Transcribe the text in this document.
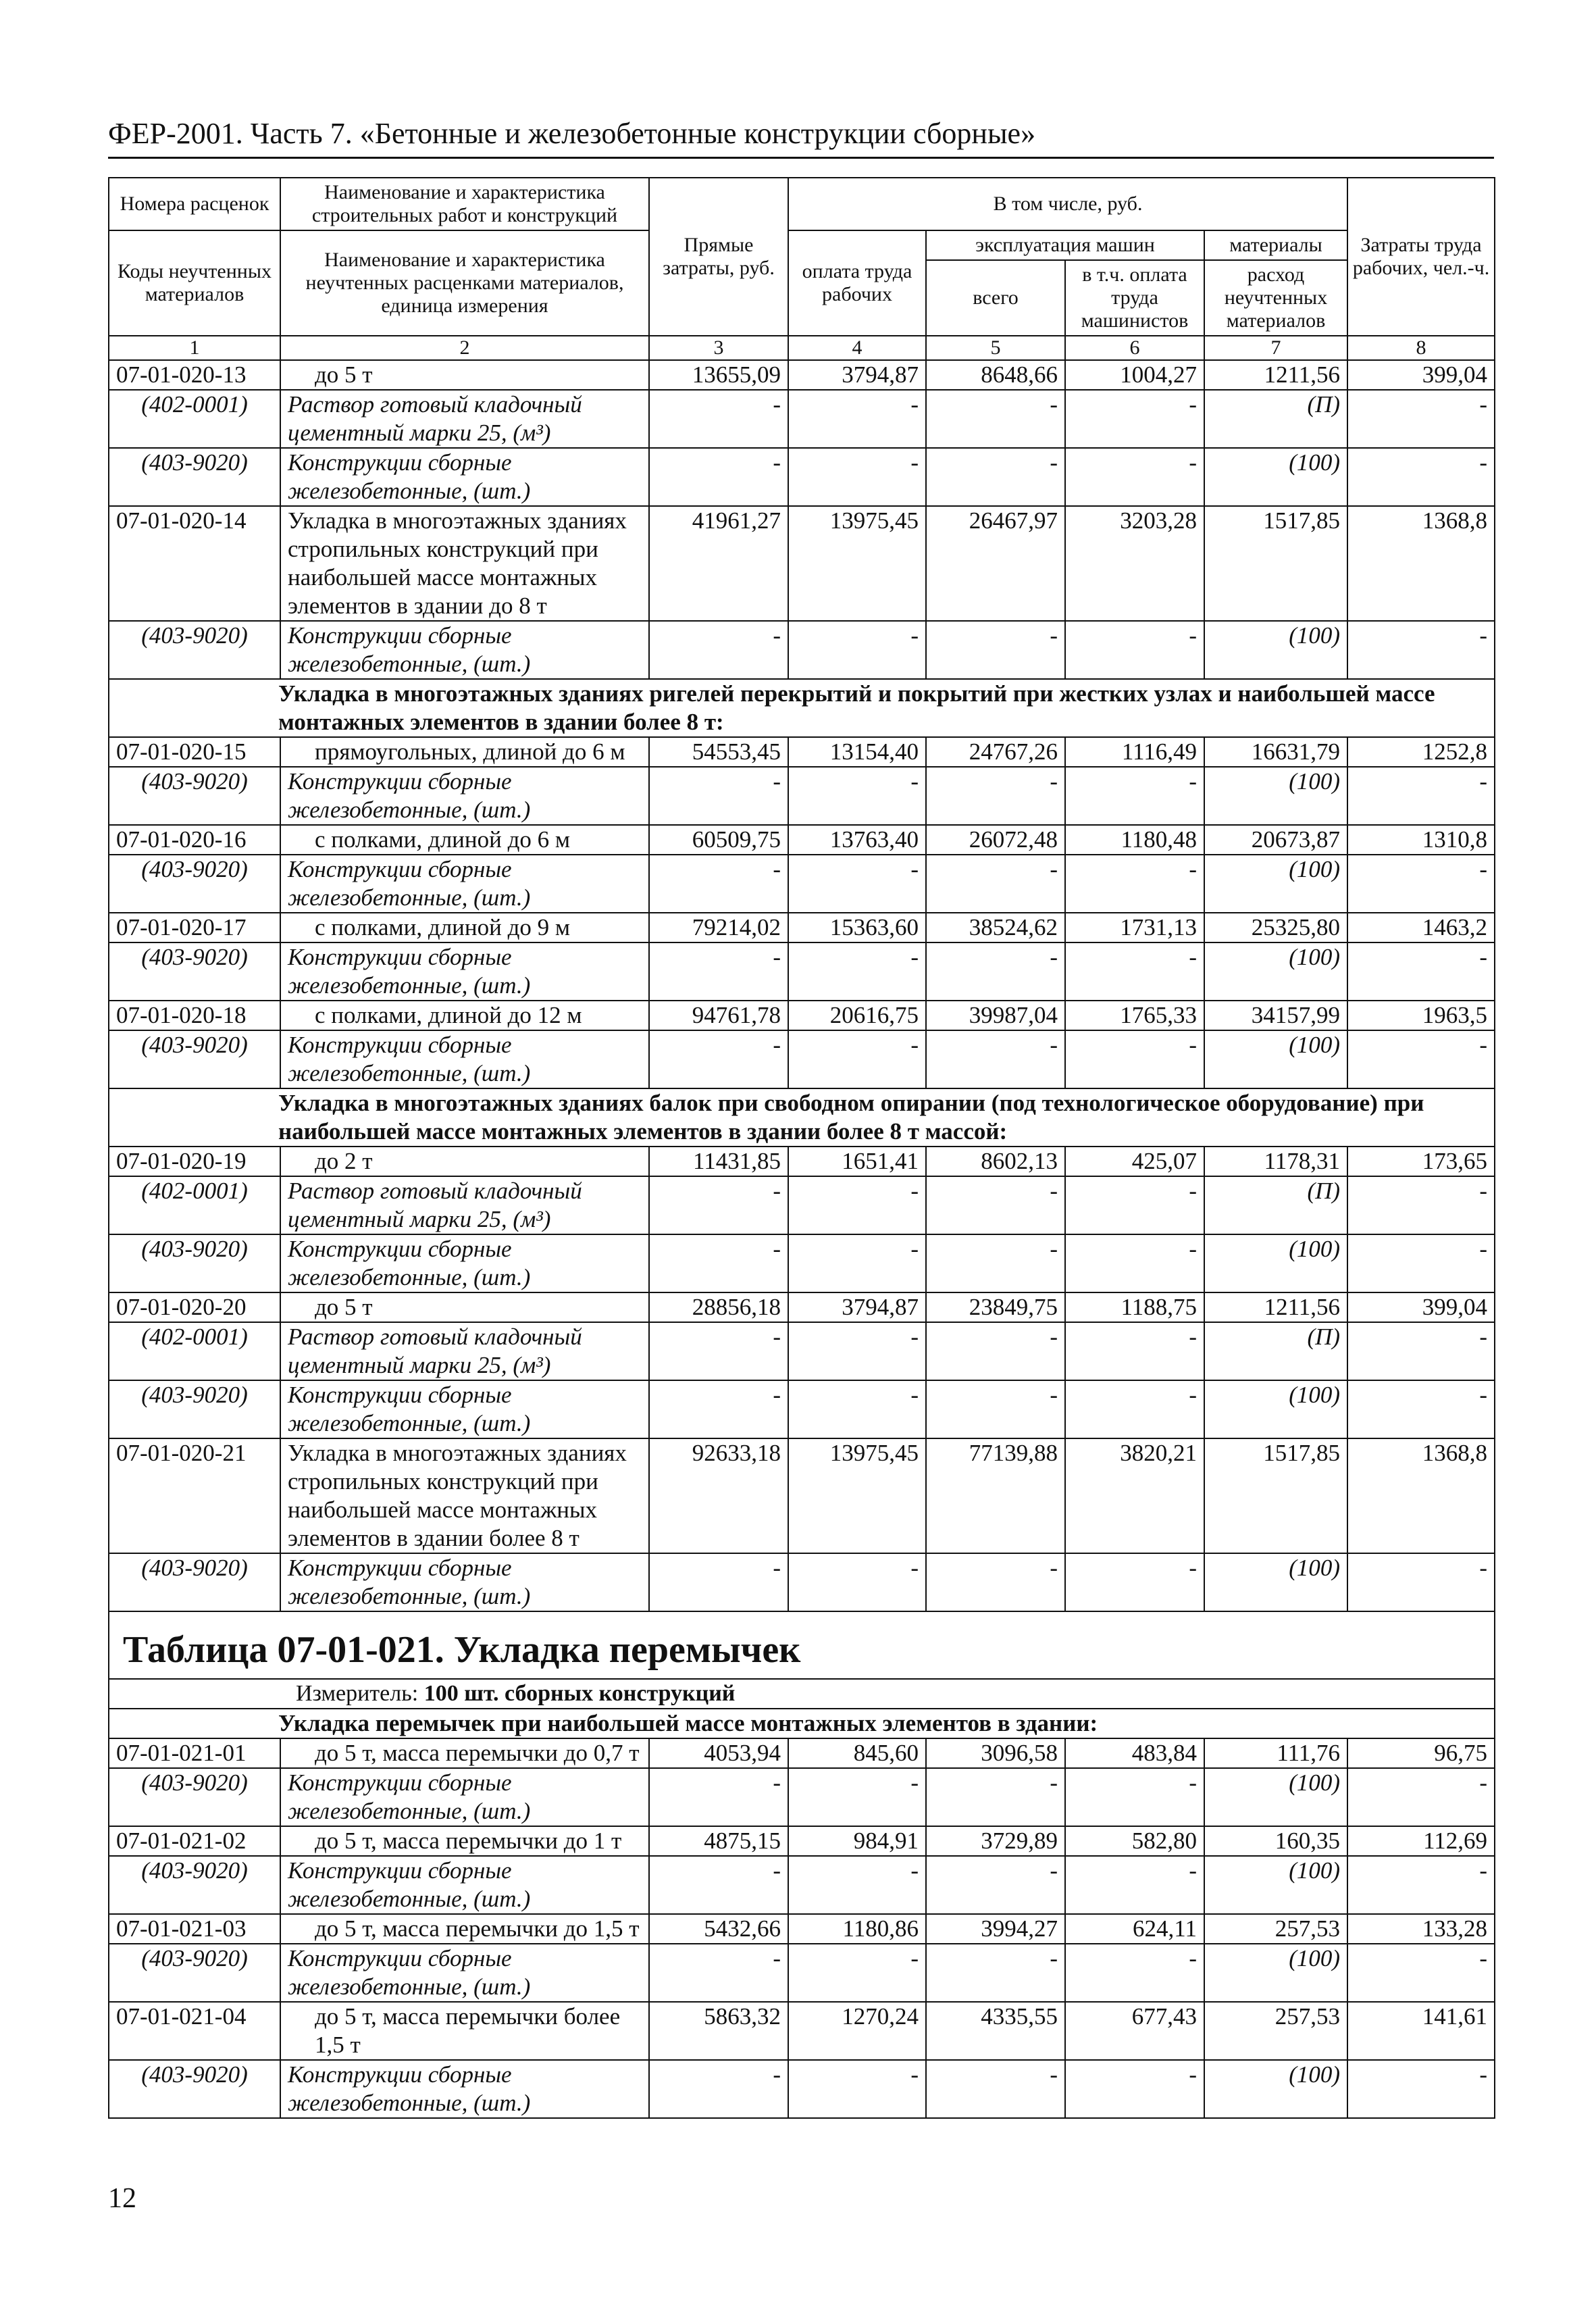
ФЕР-2001. Часть 7. «Бетонные и железобетонные конструкции сборные»
Номера расценок	Наименование и характеристика строительных работ и конструкций	Прямые затраты, руб.	В том числе, руб.				Затраты труда рабочих, чел.-ч.
Коды неучтенных материалов	Наименование и характеристика неучтенных расценками материалов, единица измерения		оплата труда рабочих	эксплуатация машин		материалы	
				всего	в т.ч. оплата труда машинистов	расход неучтенных материалов	
1	2	3	4	5	6	7	8
07-01-020-13	до 5 т	13655,09	3794,87	8648,66	1004,27	1211,56	399,04
(402-0001)	Раствор готовый кладочный цементный марки 25, (м³)	-	-	-	-	(П)	-
(403-9020)	Конструкции сборные железобетонные, (шт.)	-	-	-	-	(100)	-
07-01-020-14	Укладка в многоэтажных зданиях стропильных конструкций при наибольшей массе монтажных элементов в здании до 8 т	41961,27	13975,45	26467,97	3203,28	1517,85	1368,8
(403-9020)	Конструкции сборные железобетонные, (шт.)	-	-	-	-	(100)	-
Укладка в многоэтажных зданиях ригелей перекрытий и покрытий при жестких узлах и наибольшей массе монтажных элементов в здании более 8 т:							
07-01-020-15	прямоугольных, длиной до 6 м	54553,45	13154,40	24767,26	1116,49	16631,79	1252,8
(403-9020)	Конструкции сборные железобетонные, (шт.)	-	-	-	-	(100)	-
07-01-020-16	с полками, длиной до 6 м	60509,75	13763,40	26072,48	1180,48	20673,87	1310,8
(403-9020)	Конструкции сборные железобетонные, (шт.)	-	-	-	-	(100)	-
07-01-020-17	с полками, длиной до 9 м	79214,02	15363,60	38524,62	1731,13	25325,80	1463,2
(403-9020)	Конструкции сборные железобетонные, (шт.)	-	-	-	-	(100)	-
07-01-020-18	с полками, длиной до 12 м	94761,78	20616,75	39987,04	1765,33	34157,99	1963,5
(403-9020)	Конструкции сборные железобетонные, (шт.)	-	-	-	-	(100)	-
Укладка в многоэтажных зданиях балок при свободном опирании (под технологическое оборудование) при наибольшей массе монтажных элементов в здании более 8 т массой:							
07-01-020-19	до 2 т	11431,85	1651,41	8602,13	425,07	1178,31	173,65
(402-0001)	Раствор готовый кладочный цементный марки 25, (м³)	-	-	-	-	(П)	-
(403-9020)	Конструкции сборные железобетонные, (шт.)	-	-	-	-	(100)	-
07-01-020-20	до 5 т	28856,18	3794,87	23849,75	1188,75	1211,56	399,04
(402-0001)	Раствор готовый кладочный цементный марки 25, (м³)	-	-	-	-	(П)	-
(403-9020)	Конструкции сборные железобетонные, (шт.)	-	-	-	-	(100)	-
07-01-020-21	Укладка в многоэтажных зданиях стропильных конструкций при наибольшей массе монтажных элементов в здании более 8 т	92633,18	13975,45	77139,88	3820,21	1517,85	1368,8
(403-9020)	Конструкции сборные железобетонные, (шт.)	-	-	-	-	(100)	-
Таблица 07-01-021. Укладка перемычек							
Измеритель: 100 шт. сборных конструкций							
Укладка перемычек при наибольшей массе монтажных элементов в здании:							
07-01-021-01	до 5 т, масса перемычки до 0,7 т	4053,94	845,60	3096,58	483,84	111,76	96,75
(403-9020)	Конструкции сборные железобетонные, (шт.)	-	-	-	-	(100)	-
07-01-021-02	до 5 т, масса перемычки до 1 т	4875,15	984,91	3729,89	582,80	160,35	112,69
(403-9020)	Конструкции сборные железобетонные, (шт.)	-	-	-	-	(100)	-
07-01-021-03	до 5 т, масса перемычки до 1,5 т	5432,66	1180,86	3994,27	624,11	257,53	133,28
(403-9020)	Конструкции сборные железобетонные, (шт.)	-	-	-	-	(100)	-
07-01-021-04	до 5 т, масса перемычки более 1,5 т	5863,32	1270,24	4335,55	677,43	257,53	141,61
(403-9020)	Конструкции сборные железобетонные, (шт.)	-	-	-	-	(100)	-
12
